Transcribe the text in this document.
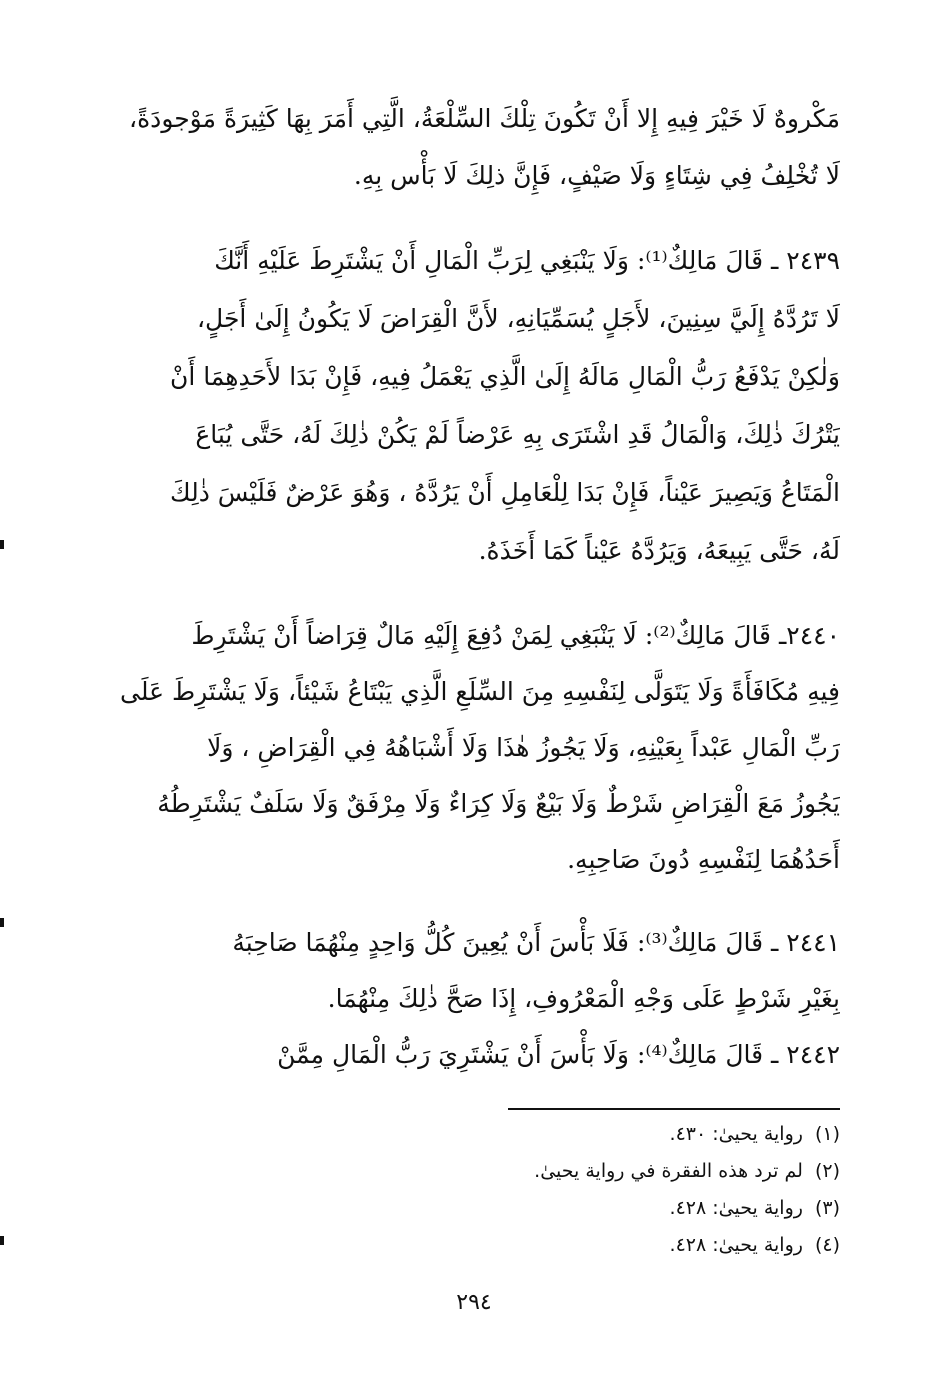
مَكْروهٌ لَا خَيْرَ فِيهِ إِلا أَنْ تَكُونَ تِلْكَ السِّلْعَةُ، الَّتِي أَمَرَ بِهَا كَثِيرَةً مَوْجودَةً،
لَا تُخْلِفُ فِي شِتَاءٍ وَلَا صَيْفٍ، فَإِنَّ ذلِكَ لَا بَأْس بِهِ.
٢٤٣٩ ـ قَالَ مَالِكٌ⁽¹⁾: وَلَا يَنْبَغِي لِرَبِّ الْمَالِ أَنْ يَشْتَرِطَ عَلَيْهِ أَنَّكَ
لَا تَرُدَّهُ إِلَيَّ سِنِينَ، لأَجَلٍ يُسَمِّيَانِهِ، لأَنَّ الْقِرَاضَ لَا يَكُونُ إِلَىٰ أَجَلٍ،
وَلٰكِنْ يَدْفَعُ رَبُّ الْمَالِ مَالَهُ إِلَىٰ الَّذِي يَعْمَلُ فِيهِ، فَإِنْ بَدَا لأَحَدِهِمَا أَنْ
يَتْرُكَ ذٰلِكَ، وَالْمَالُ قَدِ اشْتَرَى بِهِ عَرْضاً لَمْ يَكُنْ ذٰلِكَ لَهُ، حَتَّى يُبَاعَ
الْمَتَاعُ وَيَصِيرَ عَيْناً، فَإِنْ بَدَا لِلْعَامِلِ أَنْ يَرُدَّهُ ، وَهُوَ عَرْضٌ فَلَيْسَ ذٰلِكَ
لَهُ، حَتَّى يَبِيعَهُ، وَيَرُدَّهُ عَيْناً كَمَا أَخَذَهُ.
٢٤٤٠ـ قَالَ مَالِكٌ⁽²⁾: لَا يَنْبَغِي لِمَنْ دُفِعَ إِلَيْهِ مَالٌ قِرَاضاً أَنْ يَشْتَرِطَ
فِيهِ مُكَافَأَةً وَلَا يَتَوَلَّى لِنَفْسِهِ مِنَ السِّلَعِ الَّذِي يَبْتَاعُ شَيْئاً، وَلَا يَشْتَرِطَ عَلَى
رَبِّ الْمَالِ عَبْداً بِعَيْنِهِ، وَلَا يَجُوزُ هٰذَا وَلَا أَشْبَاهُهُ فِي الْقِرَاضِ ، وَلَا
يَجُوزُ مَعَ الْقِرَاضِ شَرْطٌ وَلَا بَيْعٌ وَلَا كِرَاءٌ وَلَا مِرْفَقٌ وَلَا سَلَفٌ يَشْتَرِطُهُ
أَحَدُهُمَا لِنَفْسِهِ دُونَ صَاحِبِهِ.
٢٤٤١ ـ قَالَ مَالِكٌ⁽³⁾: فَلَا بَأْسَ أَنْ يُعِينَ كُلُّ وَاحِدٍ مِنْهُمَا صَاحِبَهُ
بِغَيْرِ شَرْطٍ عَلَى وَجْهِ الْمَعْرُوفِ، إِذَا صَحَّ ذٰلِكَ مِنْهُمَا.
٢٤٤٢ ـ قَالَ مَالِكٌ⁽⁴⁾: وَلَا بَأْسَ أَنْ يَشْتَرِيَ رَبُّ الْمَالِ مِمَّنْ
(١)رواية يحيىٰ: ٤٣٠.
(٢)لم ترد هذه الفقرة في رواية يحيىٰ.
(٣)رواية يحيىٰ: ٤٢٨.
(٤)رواية يحيىٰ: ٤٢٨.
٢٩٤
